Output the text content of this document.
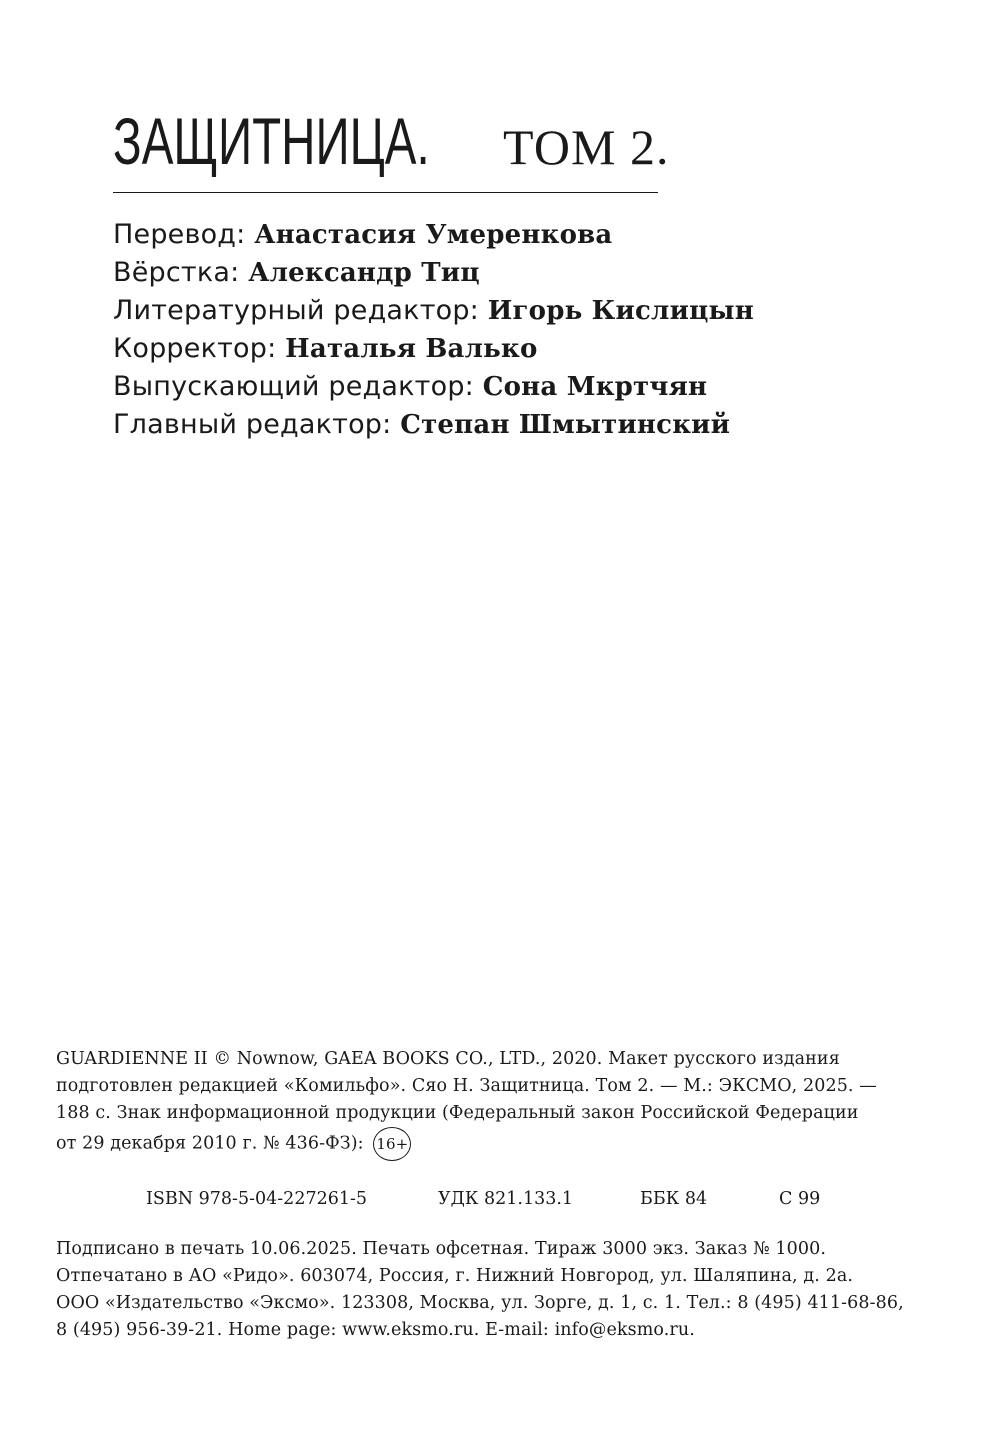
ЗАЩИТНИЦА. ТОМ 2.
Перевод: Анастасия Умеренкова
Вёрстка: Александр Тиц
Литературный редактор: Игорь Кислицын
Корректор: Наталья Валько
Выпускающий редактор: Сона Мкртчян
Главный редактор: Степан Шмытинский
GUARDIENNE II © Nownow, GAEA BOOKS CO., LTD., 2020. Макет русского издания
подготовлен редакцией «Комильфо». Сяо Н. Защитница. Том 2. — М.: ЭКСМО, 2025. —
188 с. Знак информационной продукции (Федеральный закон Российской Федерации
от 29 декабря 2010 г. № 436-ФЗ): 16+
ISBN 978-5-04-227261-5	УДК 821.133.1	ББК 84	С 99
Подписано в печать 10.06.2025. Печать офсетная. Тираж 3000 экз. Заказ № 1000.
Отпечатано в АО «Ридо». 603074, Россия, г. Нижний Новгород, ул. Шаляпина, д. 2а.
ООО «Издательство «Эксмо». 123308, Москва, ул. Зорге, д. 1, с. 1. Тел.: 8 (495) 411-68-86,
8 (495) 956-39-21. Home page: www.eksmo.ru. E-mail: info@eksmo.ru.
